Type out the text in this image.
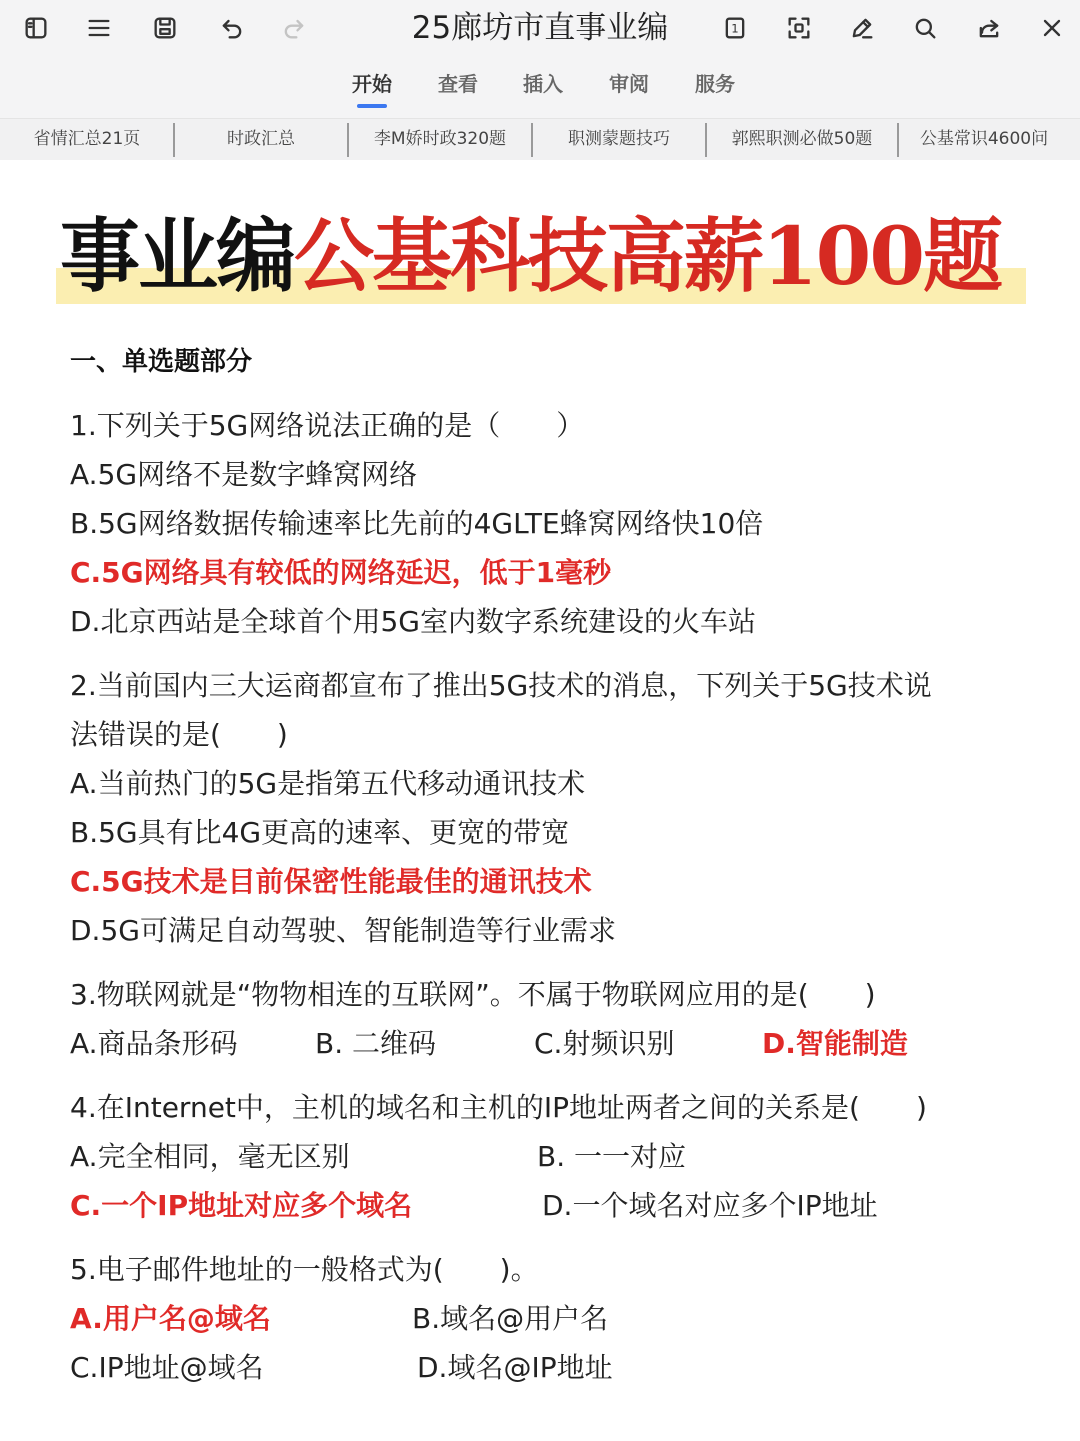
25廊坊市直事业编	1
开始	查看	插入	审阅	服务
省情汇总21页	时政汇总	李M娇时政320题	职测蒙题技巧	郭熙职测必做50题	公基常识4600问
事业编公基科技高薪100题
一、单选题部分
1.下列关于5G网络说法正确的是（　　）
A.5G网络不是数字蜂窝网络
B.5G网络数据传输速率比先前的4GLTE蜂窝网络快10倍
C.5G网络具有较低的网络延迟，低于1毫秒
D.北京西站是全球首个用5G室内数字系统建设的火车站
2.当前国内三大运商都宣布了推出5G技术的消息，下列关于5G技术说
法错误的是(　　)
A.当前热门的5G是指第五代移动通讯技术
B.5G具有比4G更高的速率、更宽的带宽
C.5G技术是目前保密性能最佳的通讯技术
D.5G可满足自动驾驶、智能制造等行业需求
3.物联网就是“物物相连的互联网”。不属于物联网应用的是(　　)
A.商品条形码	B. 二维码	C.射频识别	D.智能制造
4.在Internet中，主机的域名和主机的IP地址两者之间的关系是(　　)
A.完全相同，毫无区别	B. 一一对应
C.一个IP地址对应多个域名	D.一个域名对应多个IP地址
5.电子邮件地址的一般格式为(　　)。
A.用户名@域名	B.域名@用户名
C.IP地址@域名	D.域名@IP地址
